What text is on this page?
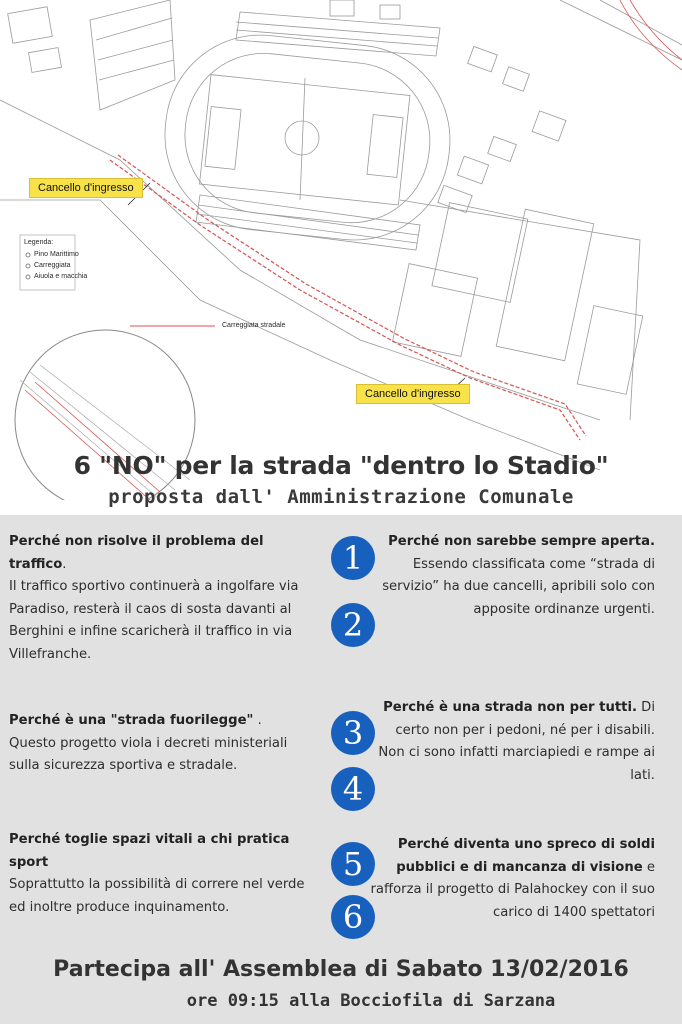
Cancello d'ingresso
Cancello d'ingresso
Legenda:
Pino Marittimo
Carreggiata
Aiuola e macchia
Carreggiata stradale
6 "NO" per la strada "dentro lo Stadio"
proposta dall' Amministrazione Comunale
Perché non risolve il problema del traffico.
Il traffico sportivo continuerà a ingolfare via Paradiso, resterà il caos di sosta davanti al Berghini e infine scaricherà il traffico in via Villefranche.
Perché non sarebbe sempre aperta. Essendo classificata come “strada di servizio” ha due cancelli, apribili solo con apposite ordinanze urgenti.
Perché è una "strada fuorilegge" .
Questo progetto viola i decreti ministeriali sulla sicurezza sportiva e stradale.
Perché è una strada non per tutti. Di certo non per i pedoni, né per i disabili. Non ci sono infatti marciapiedi e rampe ai lati.
Perché toglie spazi vitali a chi pratica sport
Soprattutto la possibilità di correre nel verde ed inoltre produce inquinamento.
Perché diventa uno spreco di soldi pubblici e di mancanza di visione e rafforza il progetto di Palahockey con il suo carico di 1400 spettatori
1
2
3
4
5
6
Partecipa all' Assemblea di Sabato 13/02/2016
ore 09:15 alla Bocciofila di Sarzana
